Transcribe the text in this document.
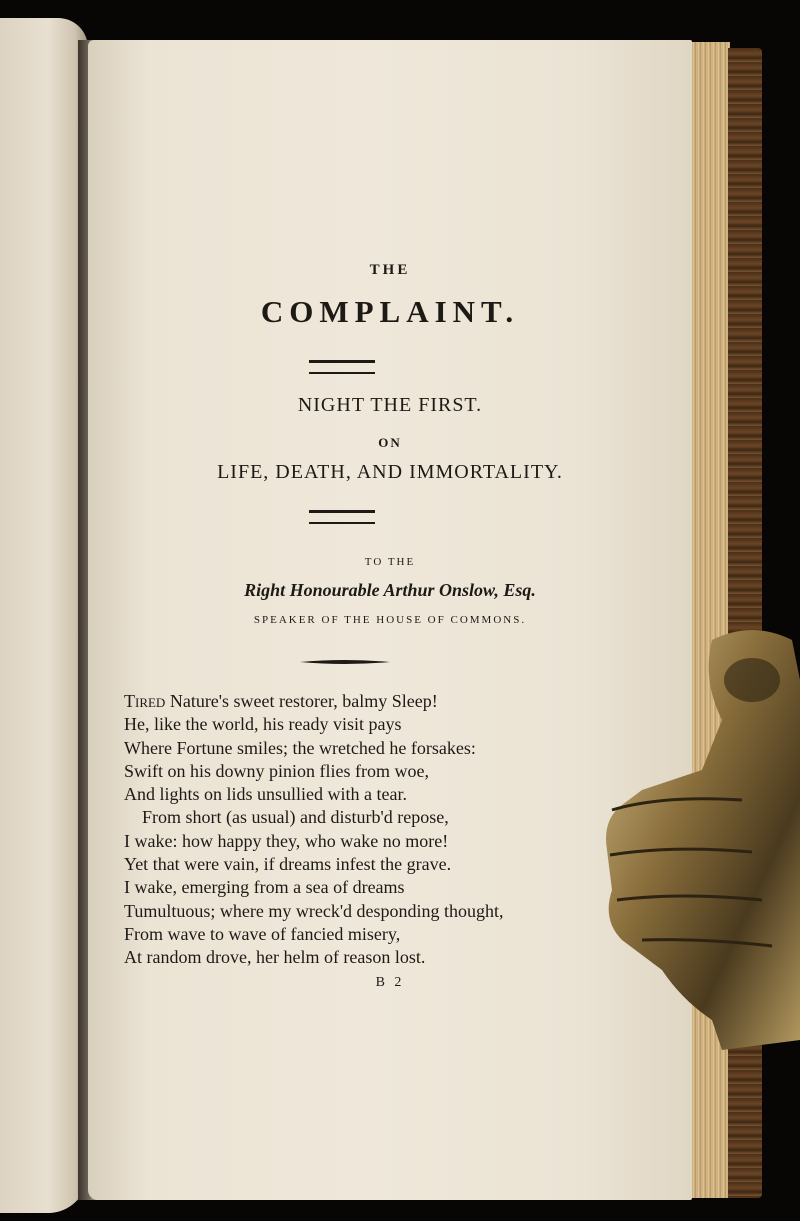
THE
COMPLAINT.
NIGHT THE FIRST.
ON
LIFE, DEATH, AND IMMORTALITY.
TO THE
Right Honourable Arthur Onslow, Esq.
SPEAKER OF THE HOUSE OF COMMONS.
Tired Nature's sweet restorer, balmy Sleep!
He, like the world, his ready visit pays
Where Fortune smiles; the wretched he forsakes:
Swift on his downy pinion flies from woe,
And lights on lids unsullied with a tear.
From short (as usual) and disturb'd repose,
I wake: how happy they, who wake no more!
Yet that were vain, if dreams infest the grave.
I wake, emerging from a sea of dreams
Tumultuous; where my wreck'd desponding thought,
From wave to wave of fancied misery,
At random drove, her helm of reason lost.
B 2
